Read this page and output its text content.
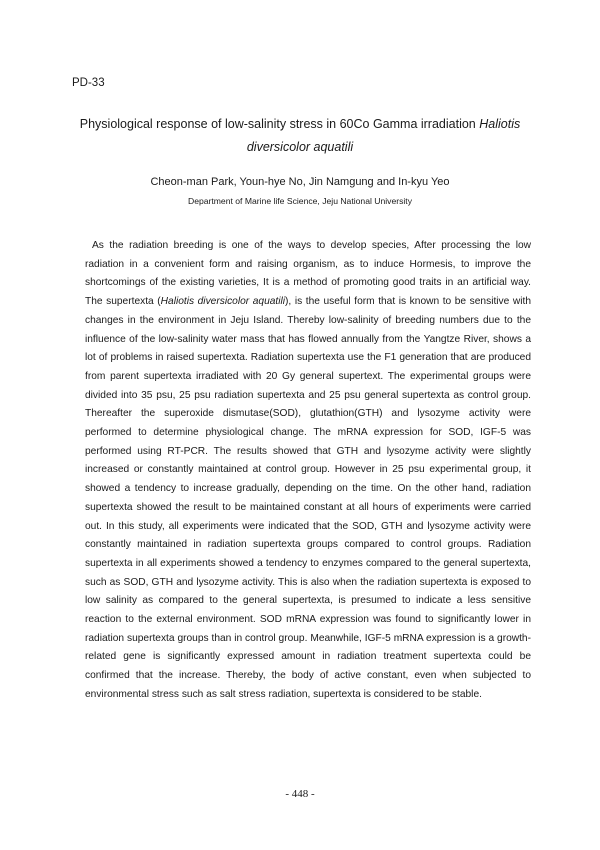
PD-33

Physiological response of low-salinity stress in 60Co Gamma irradiation Haliotis
diversicolor aquatili

Cheon-man Park, Youn-hye No, Jin Namgung and In-kyu Yeo

Department of Marine life Science, Jeju National University

As the radiation breeding is one of the ways to develop species, After processing the low radiation in a convenient form and raising organism, as to induce Hormesis, to improve the shortcomings of the existing varieties, It is a method of promoting good traits in an artificial way. The supertexta (Haliotis diversicolor aquatili), is the useful form that is known to be sensitive with changes in the environment in Jeju Island. Thereby low-salinity of breeding numbers due to the influence of the low-salinity water mass that has flowed annually from the Yangtze River, shows a lot of problems in raised supertexta. Radiation supertexta use the F1 generation that are produced from parent supertexta irradiated with 20 Gy general supertext. The experimental groups were divided into 35 psu, 25 psu radiation supertexta and 25 psu general supertexta as control group. Thereafter the superoxide dismutase(SOD), glutathion(GTH) and lysozyme activity were performed to determine physiological change. The mRNA expression for SOD, IGF-5 was performed using RT-PCR. The results showed that GTH and lysozyme activity were slightly increased or constantly maintained at control group. However in 25 psu experimental group, it showed a tendency to increase gradually, depending on the time. On the other hand, radiation supertexta showed the result to be maintained constant at all hours of experiments were carried out. In this study, all experiments were indicated that the SOD, GTH and lysozyme activity were constantly maintained in radiation supertexta groups compared to control groups. Radiation supertexta in all experiments showed a tendency to enzymes compared to the general supertexta, such as SOD, GTH and lysozyme activity. This is also when the radiation supertexta is exposed to low salinity as compared to the general supertexta, is presumed to indicate a less sensitive reaction to the external environment. SOD mRNA expression was found to significantly lower in radiation supertexta groups than in control group. Meanwhile, IGF-5 mRNA expression is a growth-related gene is significantly expressed amount in radiation treatment supertexta could be confirmed that the increase. Thereby, the body of active constant, even when subjected to environmental stress such as salt stress radiation, supertexta is considered to be stable.

- 448 -
